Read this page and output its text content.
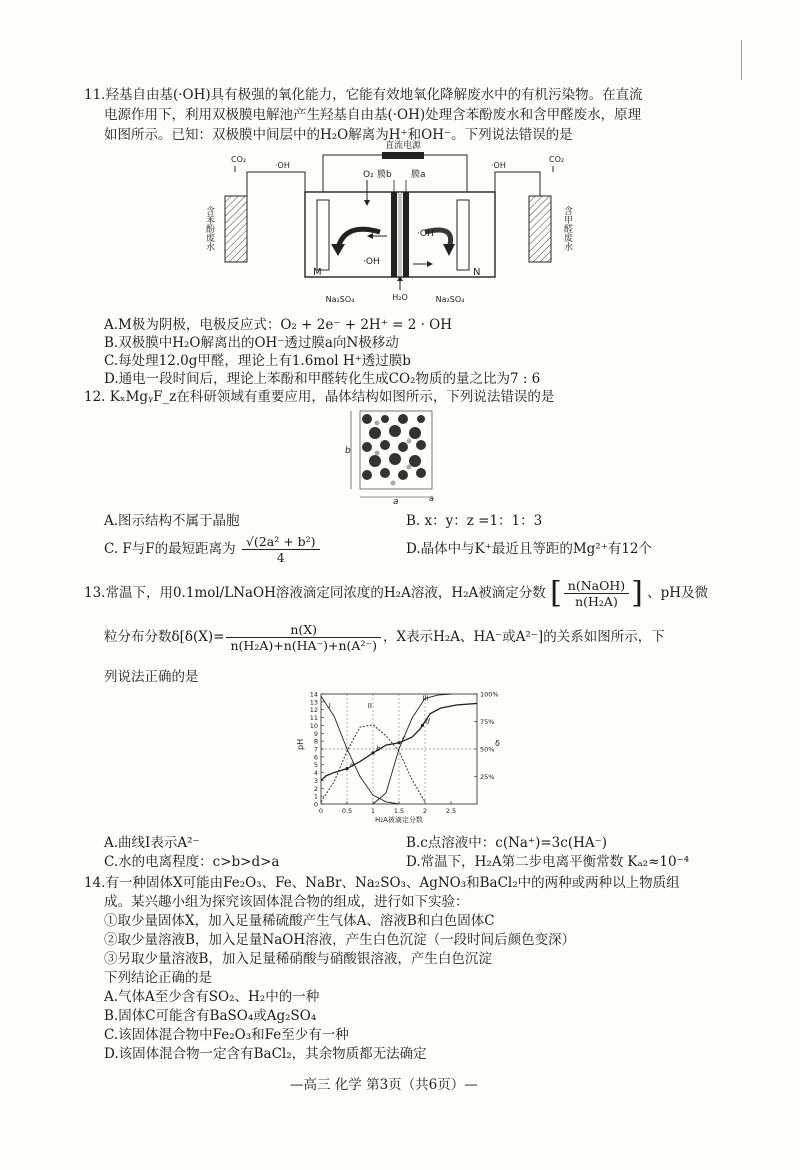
11.羟基自由基(·OH)具有极强的氧化能力，它能有效地氧化降解废水中的有机污染物。在直流
电源作用下，利用双极膜电解池产生羟基自由基(·OH)处理含苯酚废水和含甲醛废水，原理
如图所示。已知：双极膜中间层中的H₂O解离为H⁺和OH⁻。下列说法错误的是
直流电源
M	N
O₂ 膜b 膜a
·OH
·OH
Na₂SO₄	H₂O	Na₂SO₄
CO₂
·OH
含苯酚废水
CO₂
·OH
含甲醛废水
A.M极为阴极，电极反应式：O₂ + 2e⁻ + 2H⁺ = 2 · OH
B.双极膜中H₂O解离出的OH⁻透过膜a向N极移动
C.每处理12.0g甲醛，理论上有1.6mol H⁺透过膜b
D.通电一段时间后，理论上苯酚和甲醛转化生成CO₂物质的量之比为7 : 6
12. KₓMgᵧF_z在科研领域有重要应用，晶体结构如图所示，下列说法错误的是
b
a	a
A.图示结构不属于晶胞	B. x：y：z =1：1：3
C. F与F的最短距离为 $\frac{\text{√(2a² + b²)}}{4}$	D.晶体中与K⁺最近且等距的Mg²⁺有12个
13.常温下，用0.1mol/LNaOH溶液滴定同浓度的H₂A溶液，H₂A被滴定分数 [ $\frac{\text{n(NaOH)}}{\text{n(H₂A)}}$ ] 、pH及微
粒分布分数$\delta[\delta(X)= \frac{n(X)}{\text{n(H₂A)+n(HA⁻)+n(A²⁻)}}$ ，X表示H₂A、HA⁻或A²⁻]的关系如图所示，下
列说法正确的是
0
1
2
3
4
5
6
7
8
9
10
11
12
13
14
0	0.5	1	1.5	2	2.5
100%
75%
50%
25%
I	II
III
a
b
c
d
pH
H₂A被滴定分数
δ
A.曲线Ⅰ表示A²⁻	B.c点溶液中：c(Na⁺)=3c(HA⁻)
C.水的电离程度：c>b>d>a	D.常温下，H₂A第二步电离平衡常数 Kₐ₂≈10⁻⁴
14.有一种固体X可能由Fe₂O₃、Fe、NaBr、Na₂SO₃、AgNO₃和BaCl₂中的两种或两种以上物质组
成。某兴趣小组为探究该固体混合物的组成，进行如下实验：
①取少量固体X，加入足量稀硫酸产生气体A、溶液B和白色固体C
②取少量溶液B，加入足量NaOH溶液，产生白色沉淀（一段时间后颜色变深）
③另取少量溶液B，加入足量稀硝酸与硝酸银溶液，产生白色沉淀
下列结论正确的是
A.气体A至少含有SO₂、H₂中的一种
B.固体C可能含有BaSO₄或Ag₂SO₄
C.该固体混合物中Fe₂O₃和Fe至少有一种
D.该固体混合物一定含有BaCl₂，其余物质都无法确定
—高三 化学 第3页（共6页）—
